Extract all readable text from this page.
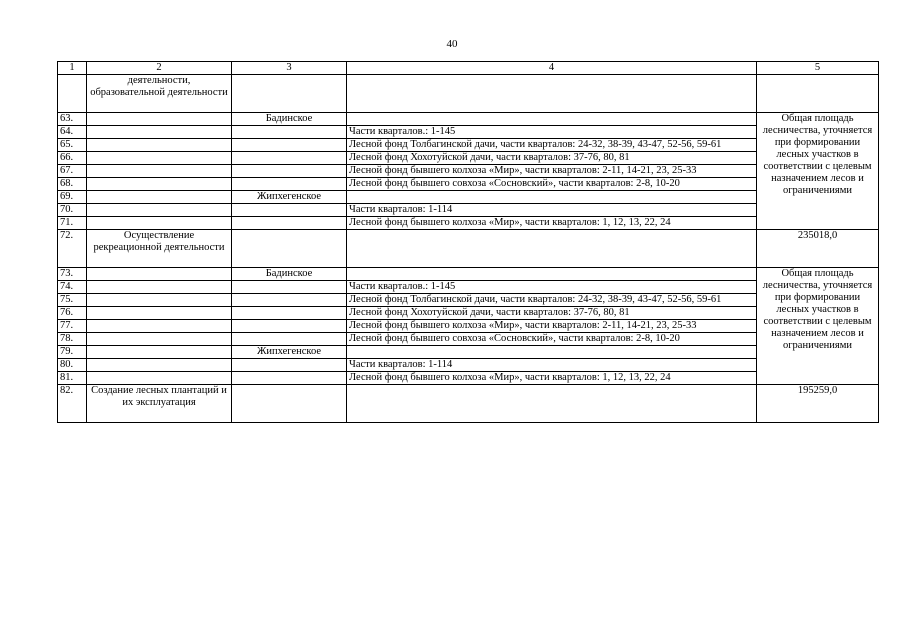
40
1	2	3	4	5
	деятельности, образовательной деятельности			
63.		Бадинское		Общая площадь лесничества, уточняется при формировании лесных участков в соответствии с целевым назначением лесов и ограничениями
64.			Части кварталов.: 1-145	
65.			Лесной фонд Толбагинской дачи, части кварталов: 24-32, 38-39, 43-47, 52-56, 59-61	
66.			Лесной фонд Хохотуйской дачи, части кварталов: 37-76, 80, 81	
67.			Лесной фонд бывшего колхоза «Мир», части кварталов: 2-11, 14-21, 23, 25-33	
68.			Лесной фонд бывшего совхоза «Сосновский», части кварталов: 2-8, 10-20	
69.		Жипхегенское		
70.			Части кварталов: 1-114	
71.			Лесной фонд бывшего колхоза «Мир», части кварталов: 1, 12, 13, 22, 24	
72.	Осуществление рекреационной деятельности			235018,0
73.		Бадинское		Общая площадь лесничества, уточняется при формировании лесных участков в соответствии с целевым назначением лесов и ограничениями
74.			Части кварталов.: 1-145	
75.			Лесной фонд Толбагинской дачи, части кварталов: 24-32, 38-39, 43-47, 52-56, 59-61	
76.			Лесной фонд Хохотуйской дачи, части кварталов: 37-76, 80, 81	
77.			Лесной фонд бывшего колхоза «Мир», части кварталов: 2-11, 14-21, 23, 25-33	
78.			Лесной фонд бывшего совхоза «Сосновский», части кварталов: 2-8, 10-20	
79.		Жипхегенское		
80.			Части кварталов: 1-114	
81.			Лесной фонд бывшего колхоза «Мир», части кварталов: 1, 12, 13, 22, 24	
82.	Создание лесных плантаций и их эксплуатация			195259,0
